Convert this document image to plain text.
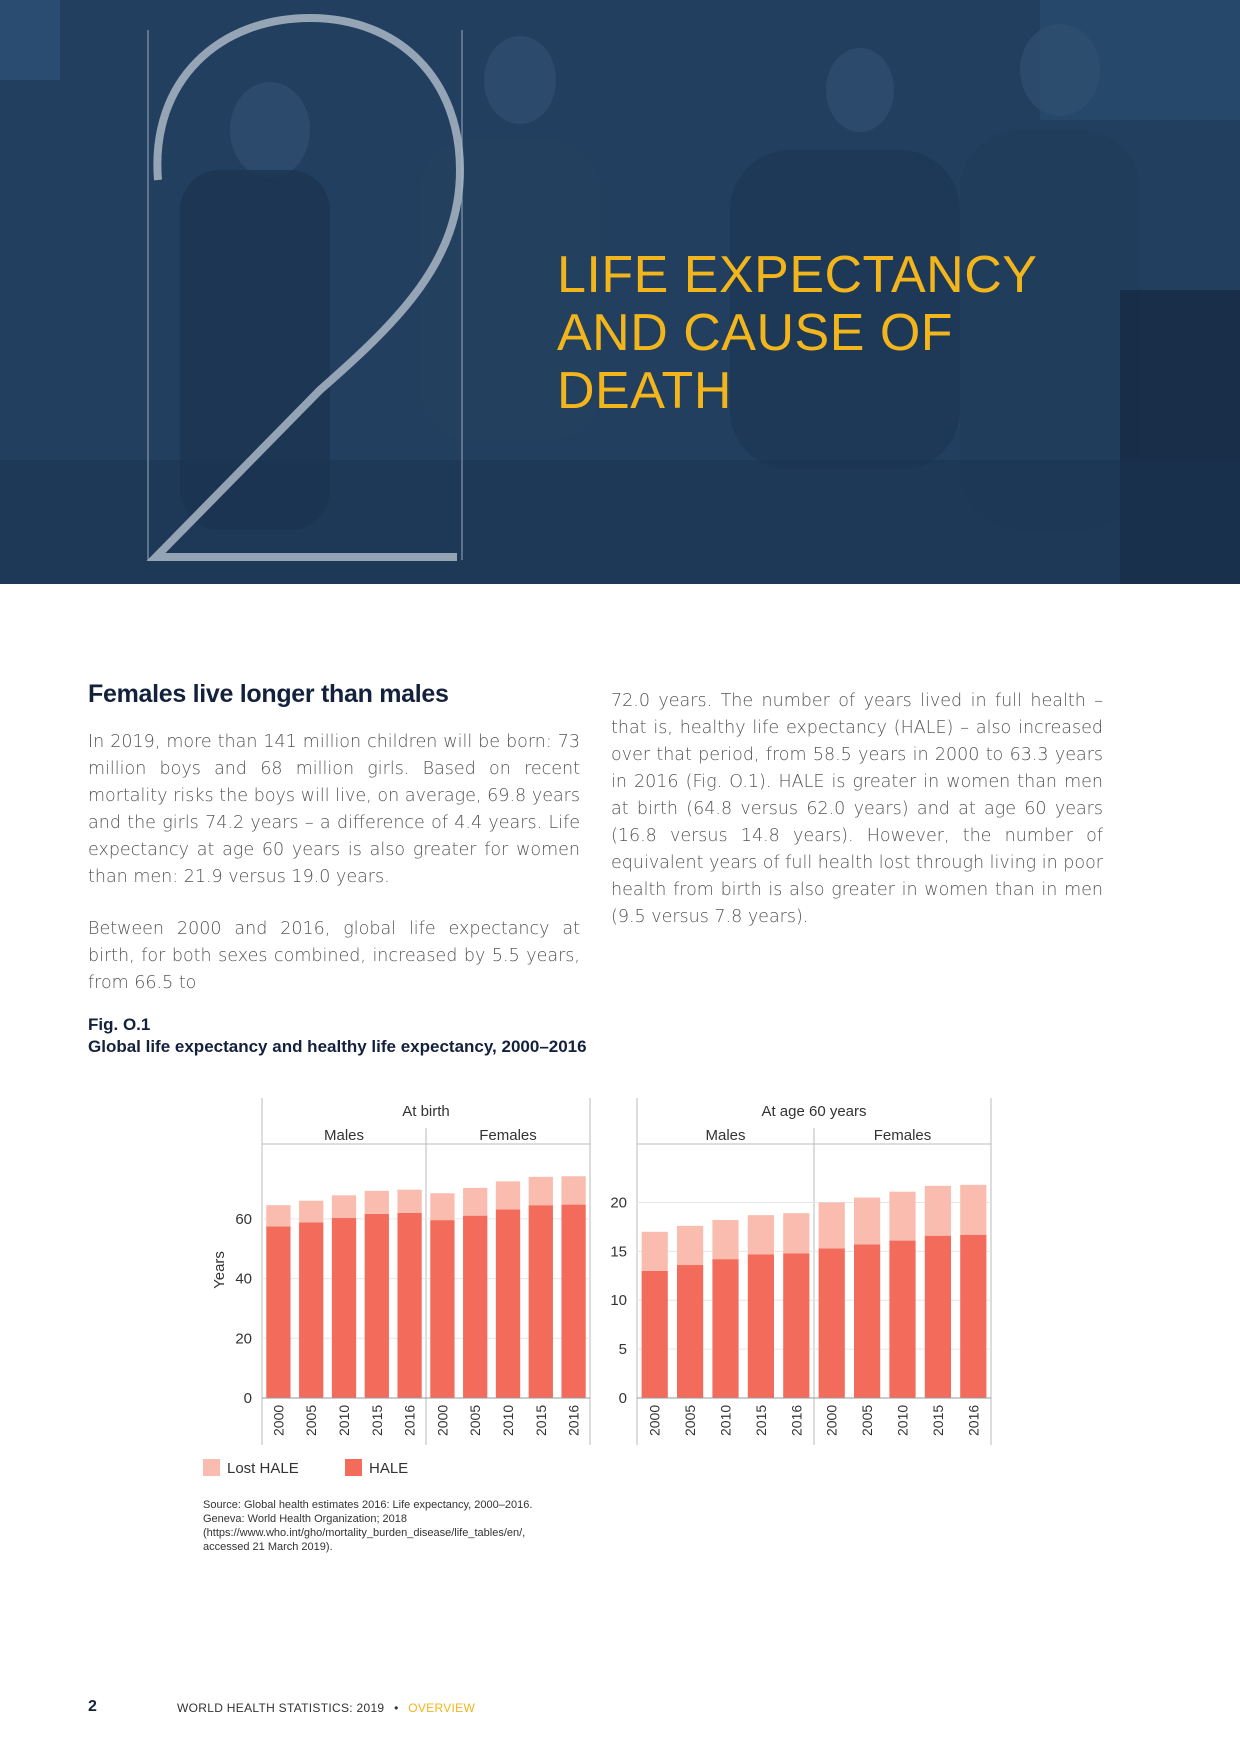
LIFE EXPECTANCY
AND CAUSE OF
DEATH
Females live longer than males

In 2019, more than 141 million children will be born: 73 million boys and 68 million girls. Based on recent mortality risks the boys will live, on average, 69.8 years and the girls 74.2 years – a difference of 4.4 years. Life expectancy at age 60 years is also greater for women than men: 21.9 versus 19.0 years.

Between 2000 and 2016, global life expectancy at birth, for both sexes combined, increased by 5.5 years, from 66.5 to

72.0 years. The number of years lived in full health – that is, healthy life expectancy (HALE) – also increased over that period, from 58.5 years in 2000 to 63.3 years in 2016 (Fig. O.1). HALE is greater in women than men at birth (64.8 versus 62.0 years) and at age 60 years (16.8 versus 14.8 years). However, the number of equivalent years of full health lost through living in poor health from birth is also greater in women than in men (9.5 versus 7.8 years).

Fig. O.1
Global life expectancy and healthy life expectancy, 2000–2016
At birth
Males	Females
0
20
40
60
Years
2000 2005 2010 2015 2016 2000 2005 2010 2015 2016
At age 60 years
Males	Females
0
5
10
15
20
2000 2005 2010 2015 2016 2000 2005 2010 2015 2016
Lost HALE	HALE
Source: Global health estimates 2016: Life expectancy, 2000–2016. Geneva: World Health Organization; 2018 (https://www.who.int/gho/mortality_burden_disease/life_tables/en/, accessed 21 March 2019).
2	WORLD HEALTH STATISTICS: 2019 • OVERVIEW
